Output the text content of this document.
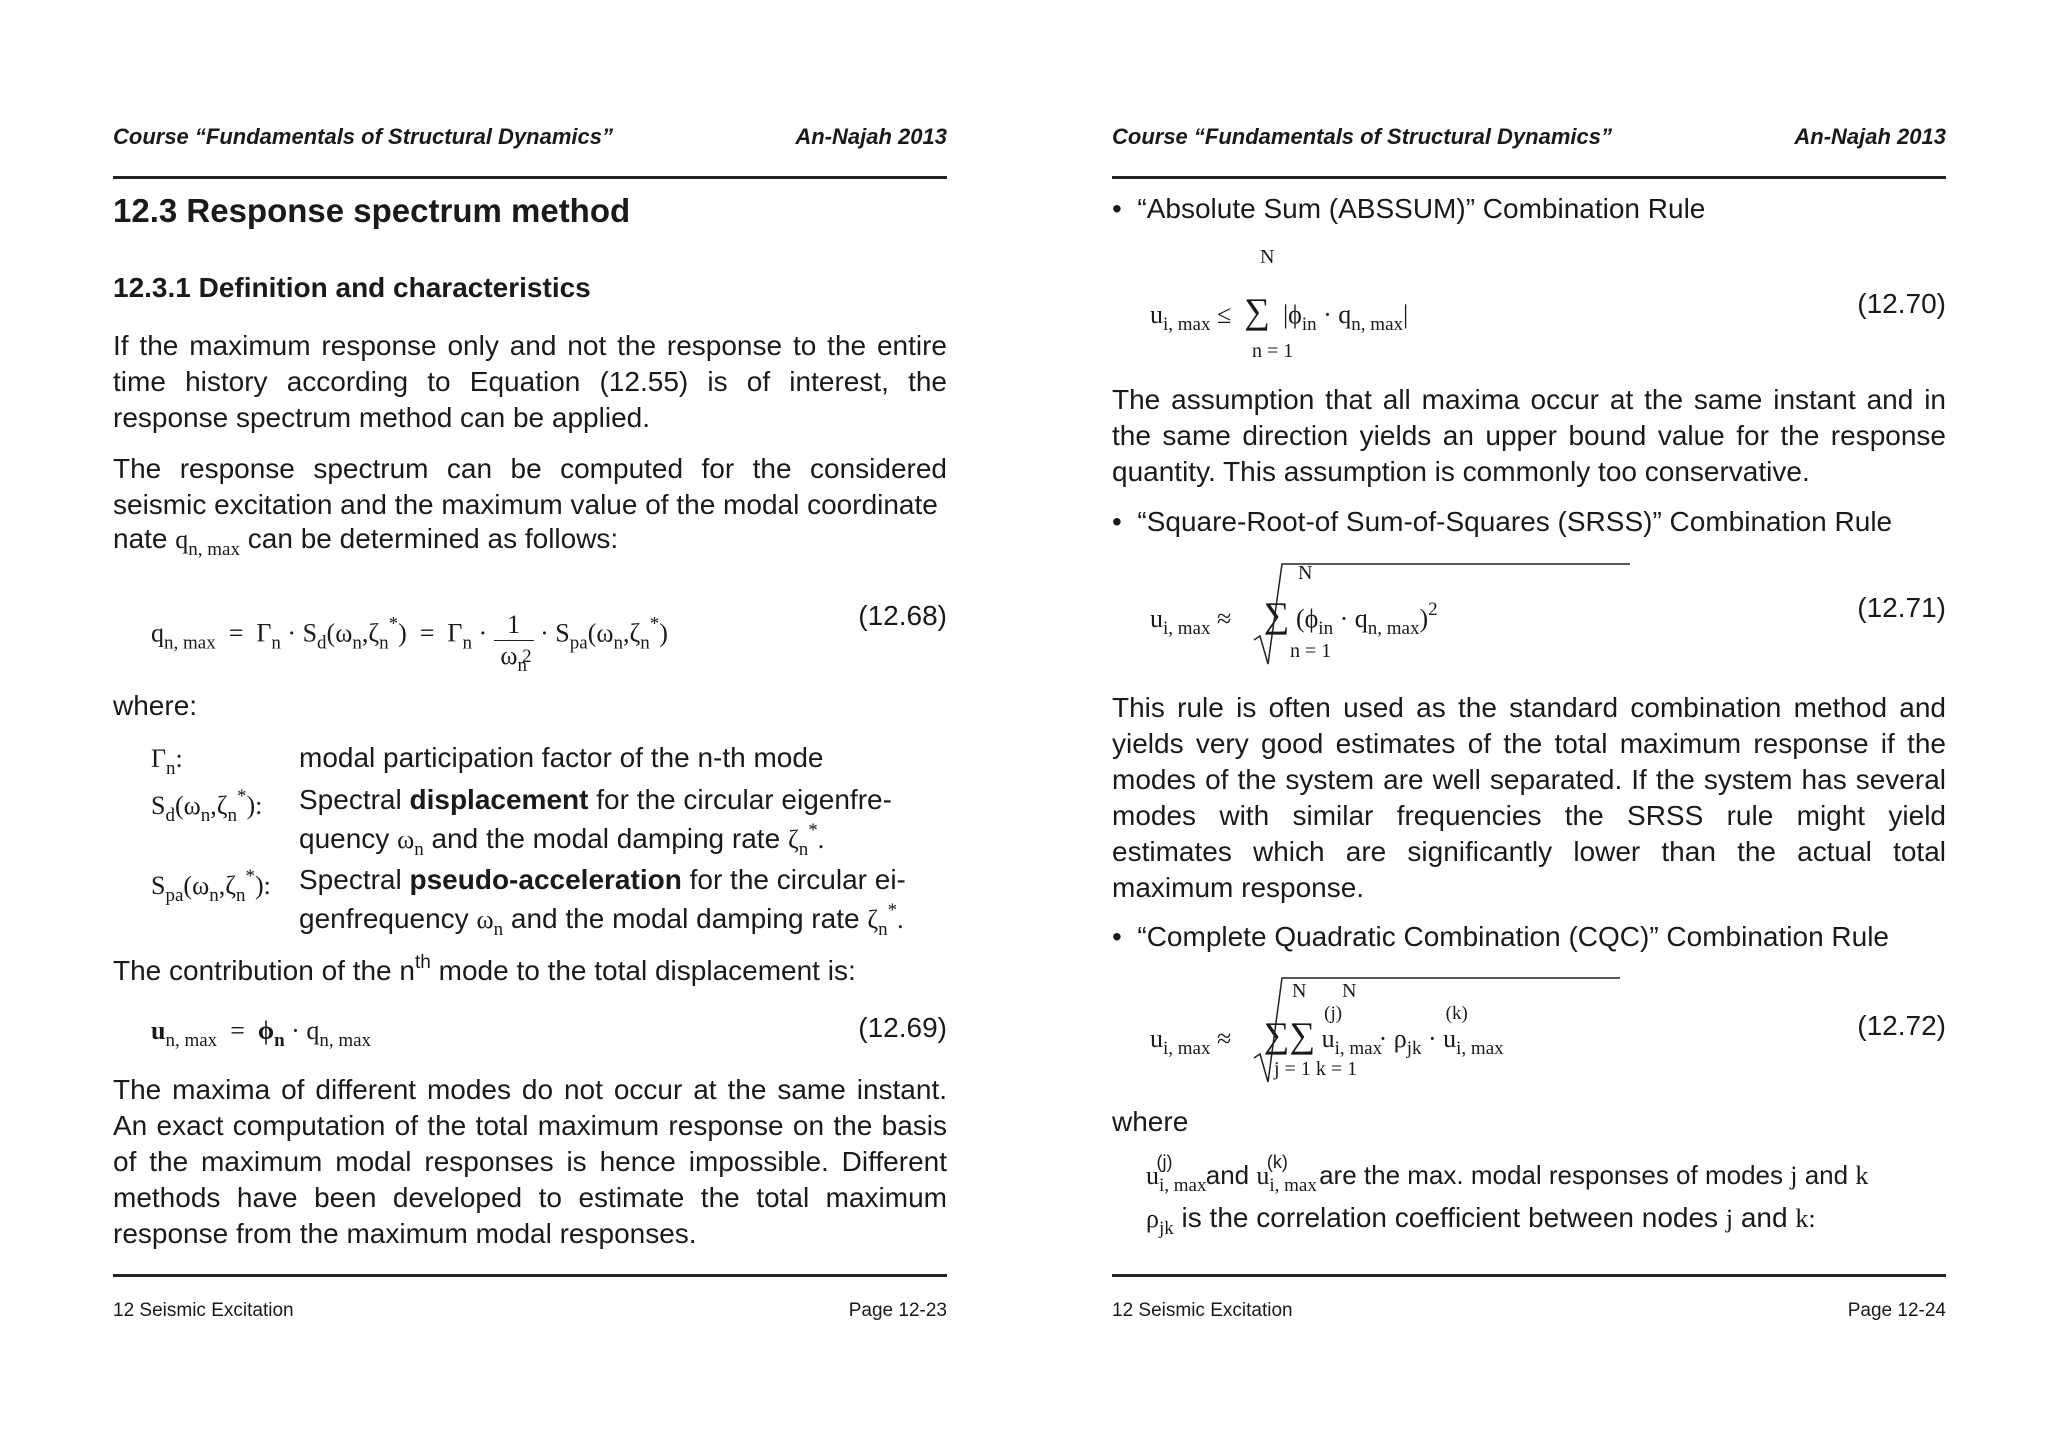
Course “Fundamentals of Structural Dynamics”	An-Najah 2013
12.3 Response spectrum method
12.3.1 Definition and characteristics
If the maximum response only and not the response to the entire time history according to Equation (12.55) is of interest, the response spectrum method can be applied.
The response spectrum can be computed for the considered seismic excitation and the maximum value of the modal coordinate
nate $q_{n, max}$ can be determined as follows:
$q_{n, max} = \Gamma_n \cdot S_d(\omega_n,\zeta_n^*) = \Gamma_n \cdot 1$
$\omega_n$
$2 \cdot S_{pa}(\omega_n,\zeta_n^*)$
(12.68)
where:
$\Gamma_n$:	modal participation factor of the n-th mode
$S_d(\omega_n,\zeta_n^*)$: Spectral displacement for the circular eigenfre-
quency $\omega_n$ and the modal damping rate $\zeta_n^*$.
$S_{pa}(\omega_n,\zeta_n^*)$: Spectral pseudo-acceleration for the circular ei-
genfrequency $\omega_n$ and the modal damping rate $\zeta_n^*$.
The contribution of the $n^{th}$ mode to the total displacement is:
$u_{n, max} = \phi_n \cdot q_{n, max}$	(12.69)
The maxima of different modes do not occur at the same instant. An exact computation of the total maximum response on the basis of the maximum modal responses is hence impossible. Different methods have been developed to estimate the total maximum response from the maximum modal responses.
12 Seismic Excitation	Page 12-23
Course “Fundamentals of Structural Dynamics”	An-Najah 2013
•  “Absolute Sum (ABSSUM)” Combination Rule
N
$u_{i, max}$ ≤  ∑  $|\phi_{in} \cdot q_{n, max}|$
n = 1
(12.70)
The assumption that all maxima occur at the same instant and in the same direction yields an upper bound value for the response quantity. This assumption is commonly too conservative.
•  “Square-Root-of Sum-of-Squares (SRSS)” Combination Rule
N
$u_{i, max}$ ≈     ∑ $(\phi_{in} \cdot q_{n, max})^2$
n = 1
(12.71)
This rule is often used as the standard combination method and yields very good estimates of the total maximum response if the modes of the system are well separated. If the system has several modes with similar frequencies the SRSS rule might yield estimates which are significantly lower than the actual total maximum response.
•  “Complete Quadratic Combination (CQC)” Combination Rule
N N
$u_{i, max}$ ≈     ∑∑ $u_{i, max}^{(j)} \cdot \rho_{jk} \cdot u_{i, max}^{(k)}$
j = 1 k = 1
(12.72)
where
$u_{i, max}^{(j)}$ and $u_{i, max}^{(k)}$ are the max. modal responses of modes j and k
$\rho_{jk}$ is the correlation coefficient between nodes j and k:
12 Seismic Excitation	Page 12-24
